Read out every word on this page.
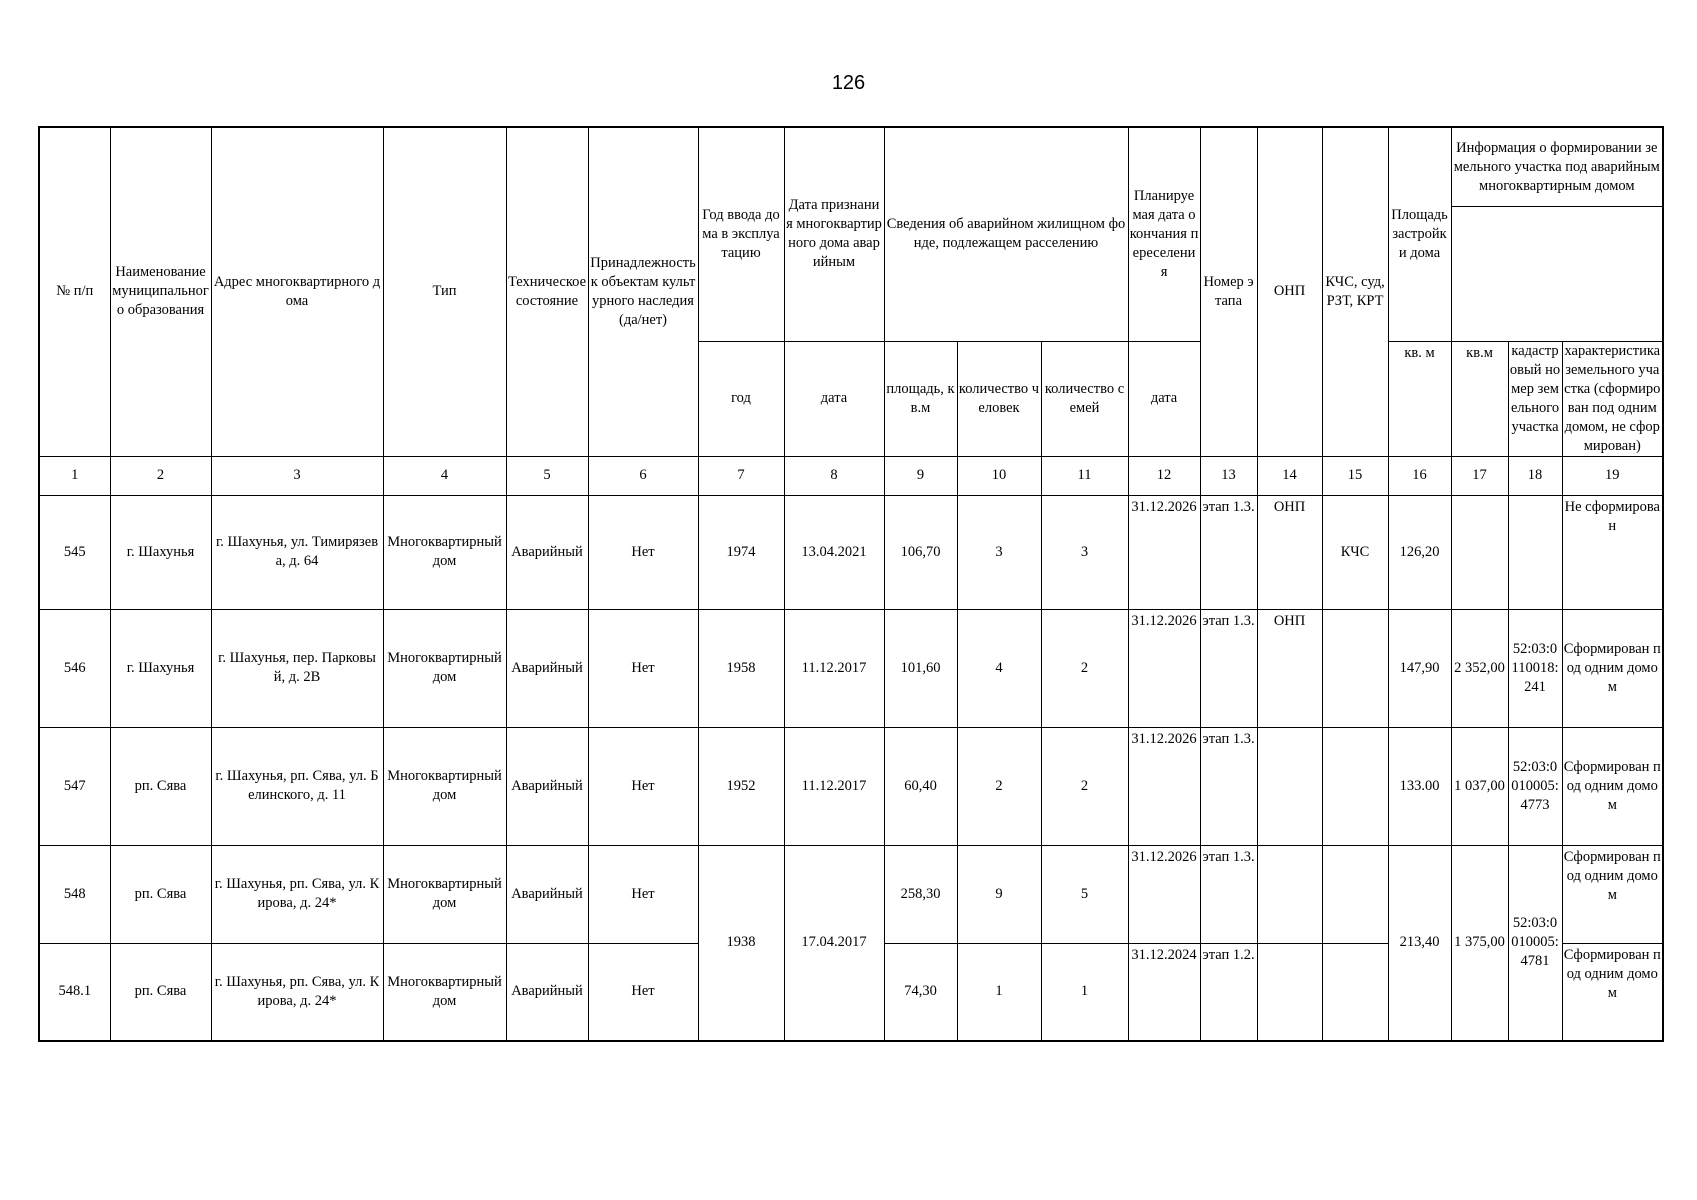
126
№ п/п	Наименование муниципального образования	Адрес многоквартирного дома	Тип	Техническое состояние	Принадлежность к объектам культурного наследия (да/нет)	Год ввода дома в эксплуатацию	Дата признания многоквартирного дома аварийным	Сведения об аварийном жилищном фонде, подлежащем расселению			Планируемая дата окончания переселения	Номер этапа	ОНП	КЧС, суд, РЗТ, КРТ	Площадь застройки дома	Информация о формировании земельного участка под аварийным многоквартирным домом		

						год	дата	площадь, кв.м	количество человек	количество семей	дата				кв. м	кв.м	кадастровый номер земельного участка	характеристика земельного участка (сформирован под одним домом, не сформирован)
1	2	3	4	5	6	7	8	9	10	11	12	13	14	15	16	17	18	19
545	г. Шахунья	г. Шахунья, ул. Тимирязева, д. 64	Многоквартирный дом	Аварийный	Нет	1974	13.04.2021	106,70	3	3	31.12.2026	этап 1.3.	ОНП	КЧС	126,20			Не сформирован
546	г. Шахунья	г. Шахунья, пер. Парковый, д. 2В	Многоквартирный дом	Аварийный	Нет	1958	11.12.2017	101,60	4	2	31.12.2026	этап 1.3.	ОНП		147,90	2 352,00	52:03:0110018:241	Сформирован под одним домом
547	рп. Сява	г. Шахунья, рп. Сява, ул. Белинского, д. 11	Многоквартирный дом	Аварийный	Нет	1952	11.12.2017	60,40	2	2	31.12.2026	этап 1.3.			133.00	1 037,00	52:03:0010005:4773	Сформирован под одним домом
548	рп. Сява	г. Шахунья, рп. Сява, ул. Кирова, д. 24*	Многоквартирный дом	Аварийный	Нет	1938	17.04.2017	258,30	9	5	31.12.2026	этап 1.3.			213,40	1 375,00	52:03:0010005:4781	Сформирован под одним домом
548.1	рп. Сява	г. Шахунья, рп. Сява, ул. Кирова, д. 24*	Многоквартирный дом	Аварийный	Нет			74,30	1	1	31.12.2024	этап 1.2.						Сформирован под одним домом
